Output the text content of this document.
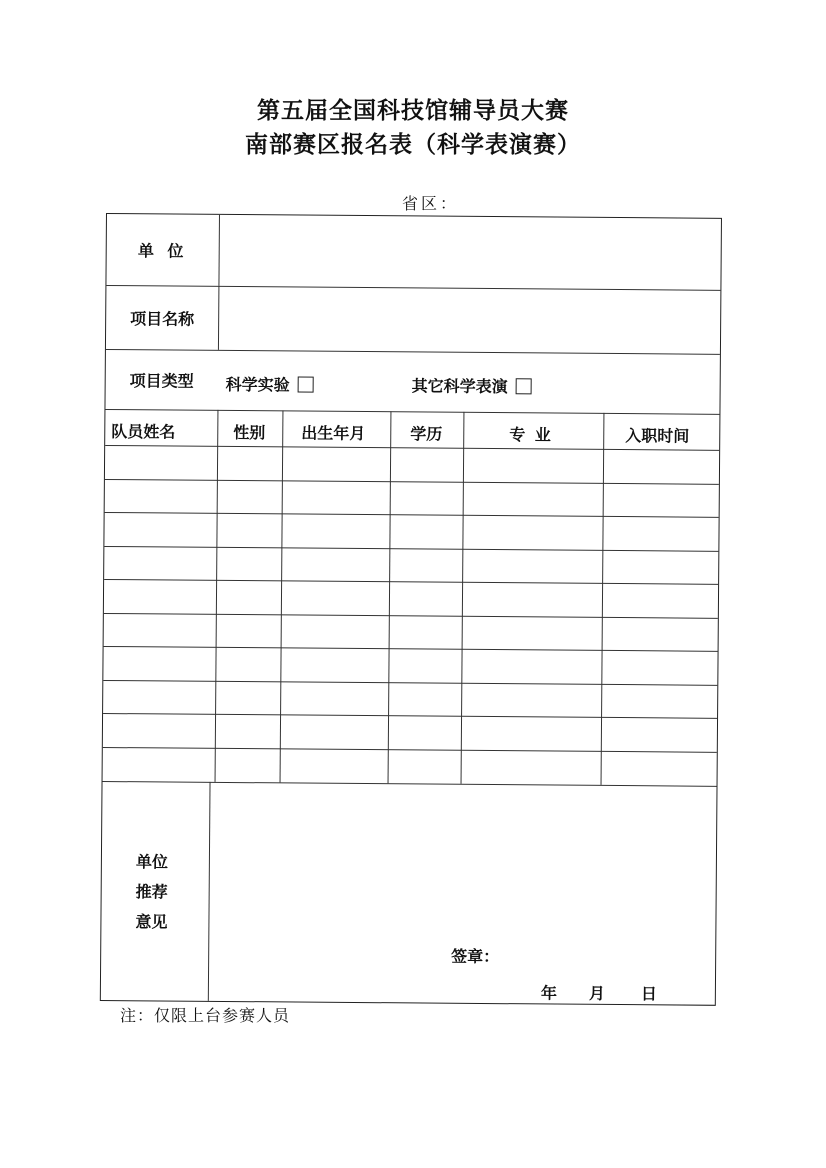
第五届全国科技馆辅导员大赛
南部赛区报名表（科学表演赛）
省区：
单 位
项目名称
项目类型 科学实验	其它科学表演
队员姓名	性别 出生年月	学历	专 业	入职时间
单位
推荐
意见
签章：
年 月 日
注：仅限上台参赛人员
